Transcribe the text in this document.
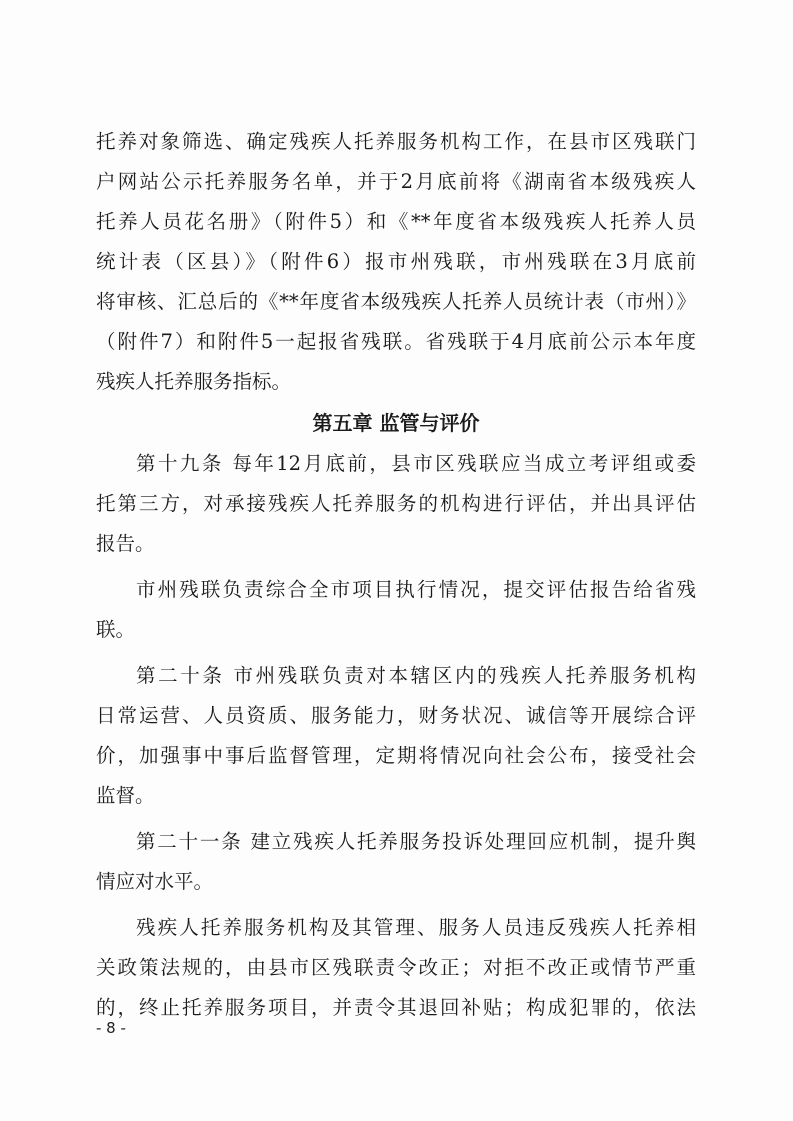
托养对象筛选、确定残疾人托养服务机构工作，在县市区残联门
户网站公示托养服务名单，并于2月底前将《湖南省本级残疾人
托养人员花名册》（附件5）和《**年度省本级残疾人托养人员
统计表（区县）》（附件6）报市州残联，市州残联在3月底前
将审核、汇总后的《**年度省本级残疾人托养人员统计表（市州）》
（附件7）和附件5一起报省残联。省残联于4月底前公示本年度
残疾人托养服务指标。
第五章 监管与评价
第十九条 每年12月底前，县市区残联应当成立考评组或委
托第三方，对承接残疾人托养服务的机构进行评估，并出具评估
报告。
市州残联负责综合全市项目执行情况，提交评估报告给省残
联。
第二十条 市州残联负责对本辖区内的残疾人托养服务机构
日常运营、人员资质、服务能力，财务状况、诚信等开展综合评
价，加强事中事后监督管理，定期将情况向社会公布，接受社会
监督。
第二十一条 建立残疾人托养服务投诉处理回应机制，提升舆
情应对水平。
残疾人托养服务机构及其管理、服务人员违反残疾人托养相
关政策法规的，由县市区残联责令改正；对拒不改正或情节严重
的，终止托养服务项目，并责令其退回补贴；构成犯罪的，依法
- 8 -
